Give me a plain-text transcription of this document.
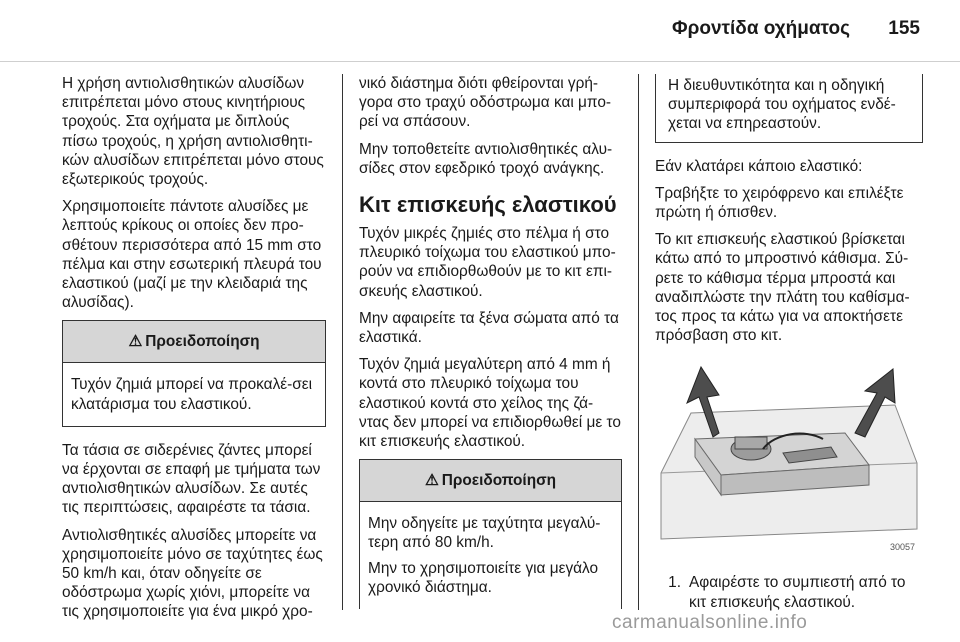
Φροντίδα οχήματος 155

Η χρήση αντιολισθητικών αλυσίδων επιτρέπεται μόνο στους κινητήριους τροχούς. Στα οχήματα με διπλούς πίσω τροχούς, η χρήση αντιολισθητι‐κών αλυσίδων επιτρέπεται μόνο στους εξωτερικούς τροχούς.

Χρησιμοποιείτε πάντοτε αλυσίδες με λεπτούς κρίκους οι οποίες δεν προ‐σθέτουν περισσότερα από 15 mm στο πέλμα και στην εσωτερική πλευρά του ελαστικού (μαζί με την κλειδαριά της αλυσίδας).

⚠ Προειδοποίηση

Τυχόν ζημιά μπορεί να προκαλέ‐σει κλατάρισμα του ελαστικού.

Τα τάσια σε σιδερένιες ζάντες μπορεί να έρχονται σε επαφή με τμήματα των αντιολισθητικών αλυσίδων. Σε αυτές τις περιπτώσεις, αφαιρέστε τα τάσια.

Αντιολισθητικές αλυσίδες μπορείτε να χρησιμοποιείτε μόνο σε ταχύτητες έως 50 km/h και, όταν οδηγείτε σε οδόστρωμα χωρίς χιόνι, μπορείτε να τις χρησιμοποιείτε για ένα μικρό χρο‐

νικό διάστημα διότι φθείρονται γρή‐γορα στο τραχύ οδόστρωμα και μπο‐ρεί να σπάσουν.

Μην τοποθετείτε αντιολισθητικές αλυ‐σίδες στον εφεδρικό τροχό ανάγκης.

Κιτ επισκευής ελαστικού

Τυχόν μικρές ζημιές στο πέλμα ή στο πλευρικό τοίχωμα του ελαστικού μπο‐ρούν να επιδιορθωθούν με το κιτ επι‐σκευής ελαστικού.

Μην αφαιρείτε τα ξένα σώματα από τα ελαστικά.

Τυχόν ζημιά μεγαλύτερη από 4 mm ή κοντά στο πλευρικό τοίχωμα του ελαστικού κοντά στο χείλος της ζά‐ντας δεν μπορεί να επιδιορθωθεί με το κιτ επισκευής ελαστικού.

⚠ Προειδοποίηση

Μην οδηγείτε με ταχύτητα μεγαλύ‐τερη από 80 km/h.

Μην το χρησιμοποιείτε για μεγάλο χρονικό διάστημα.

Η διευθυντικότητα και η οδηγική συμπεριφορά του οχήματος ενδέ‐χεται να επηρεαστούν.

Εάν κλατάρει κάποιο ελαστικό:

Τραβήξτε το χειρόφρενο και επιλέξτε πρώτη ή όπισθεν.

Το κιτ επισκευής ελαστικού βρίσκεται κάτω από το μπροστινό κάθισμα. Σύ‐ρετε το κάθισμα τέρμα μπροστά και αναδιπλώστε την πλάτη του καθίσμα‐τος προς τα κάτω για να αποκτήσετε πρόσβαση στο κιτ.

30057
1. Αφαιρέστε το συμπιεστή από το κιτ επισκευής ελαστικού.
carmanualsonline.info
